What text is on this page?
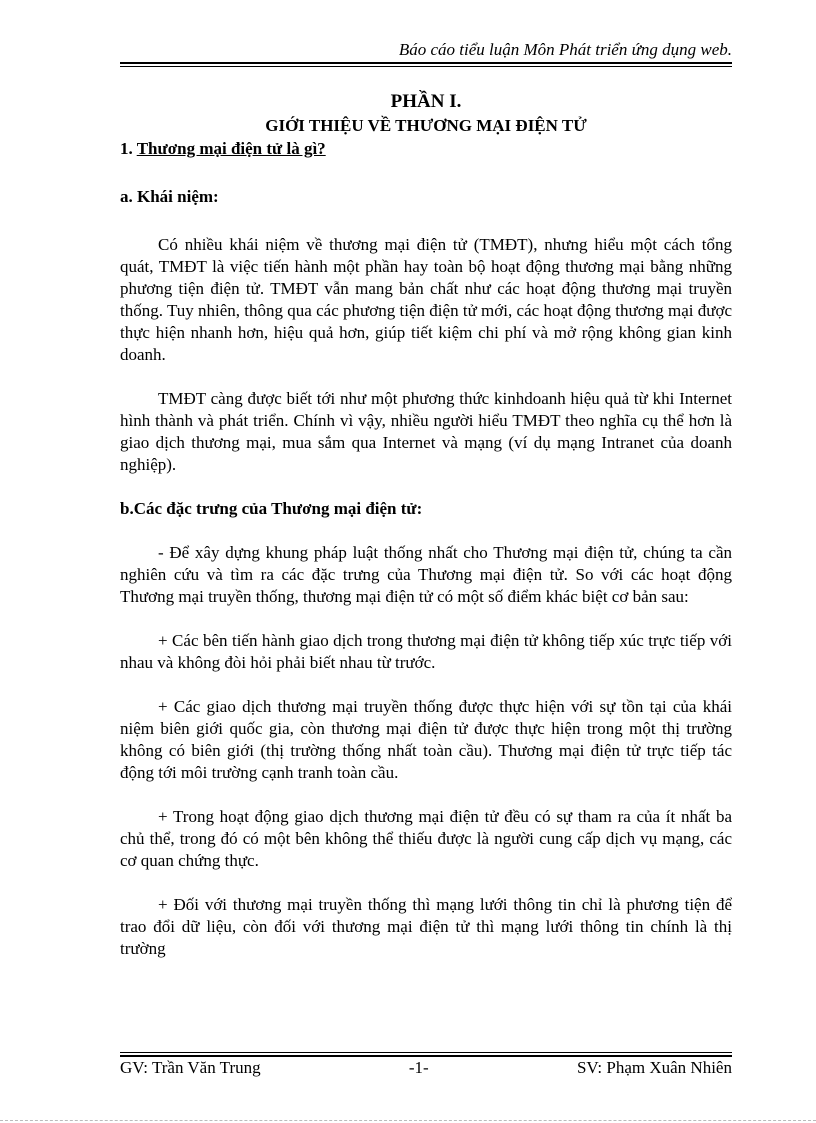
Báo cáo tiểu luận Môn Phát triển ứng dụng web.

PHẦN I.

GIỚI THIỆU VỀ THƯƠNG MẠI ĐIỆN TỬ

1. Thương mại điện tử là gì?

a. Khái niệm:

Có nhiều khái niệm về thương mại điện tử (TMĐT), nhưng hiểu một cách tổng quát, TMĐT là việc tiến hành một phần hay toàn bộ hoạt động thương mại bằng những phương tiện điện tử. TMĐT vẫn mang bản chất như các hoạt động thương mại truyền thống. Tuy nhiên, thông qua các phương tiện điện tử mới, các hoạt động thương mại được thực hiện nhanh hơn, hiệu quả hơn, giúp tiết kiệm chi phí và mở rộng không gian kinh doanh.

TMĐT càng được biết tới như một phương thức kinhdoanh hiệu quả từ khi Internet hình thành và phát triển. Chính vì vậy, nhiều người hiểu TMĐT theo nghĩa cụ thể hơn là giao dịch thương mại, mua sắm qua Internet và mạng (ví dụ mạng Intranet của doanh nghiệp).

b.Các đặc trưng của Thương mại điện tử:

- Để xây dựng khung pháp luật thống nhất cho Thương mại điện tử, chúng ta cần nghiên cứu và tìm ra các đặc trưng của Thương mại điện tử. So với các hoạt động Thương mại truyền thống, thương mại điện tử có một số điểm khác biệt cơ bản sau:

+ Các bên tiến hành giao dịch trong thương mại điện tử không tiếp xúc trực tiếp với nhau và không đòi hỏi phải biết nhau từ trước.

+ Các giao dịch thương mại truyền thống được thực hiện với sự tồn tại của khái niệm biên giới quốc gia, còn thương mại điện tử được thực hiện trong một thị trường không có biên giới (thị trường thống nhất toàn cầu). Thương mại điện tử trực tiếp tác động tới môi trường cạnh tranh toàn cầu.

+ Trong hoạt động giao dịch thương mại điện tử đều có sự tham ra của ít nhất ba chủ thể, trong đó có một bên không thể thiếu được là người cung cấp dịch vụ mạng, các cơ quan chứng thực.

+ Đối với thương mại truyền thống thì mạng lưới thông tin chỉ là phương tiện để trao đổi dữ liệu, còn đối với thương mại điện tử thì mạng lưới thông tin chính là thị trường

GV: Trần Văn Trung	-1-	SV: Phạm Xuân Nhiên
